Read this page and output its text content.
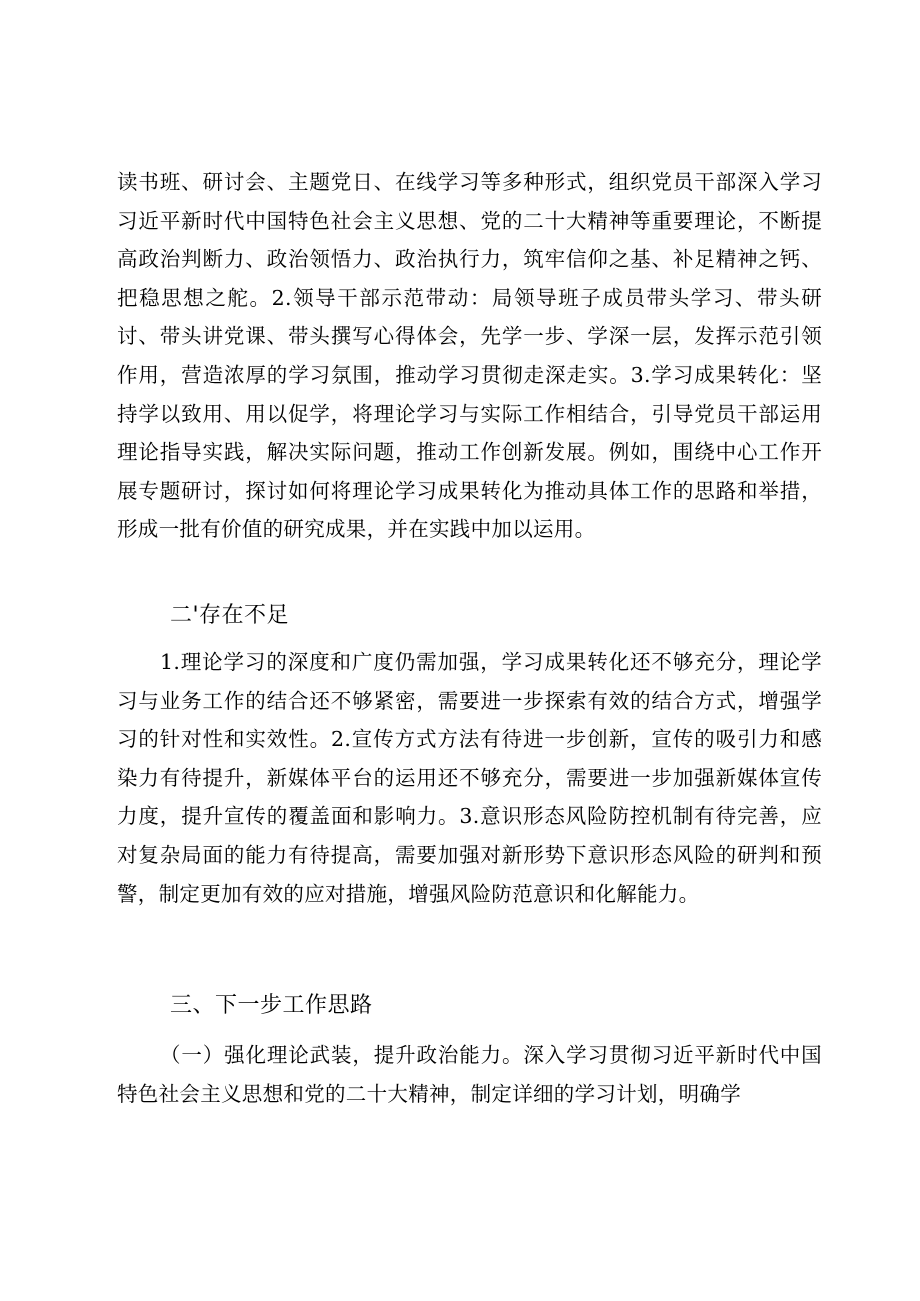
读书班、研讨会、主题党日、在线学习等多种形式，组织党员干部深入学习习近平新时代中国特色社会主义思想、党的二十大精神等重要理论，不断提高政治判断力、政治领悟力、政治执行力，筑牢信仰之基、补足精神之钙、把稳思想之舵。2.领导干部示范带动：局领导班子成员带头学习、带头研讨、带头讲党课、带头撰写心得体会，先学一步、学深一层，发挥示范引领作用，营造浓厚的学习氛围，推动学习贯彻走深走实。3.学习成果转化：坚持学以致用、用以促学，将理论学习与实际工作相结合，引导党员干部运用理论指导实践，解决实际问题，推动工作创新发展。例如，围绕中心工作开展专题研讨，探讨如何将理论学习成果转化为推动具体工作的思路和举措，形成一批有价值的研究成果，并在实践中加以运用。

二'存在不足

1.理论学习的深度和广度仍需加强，学习成果转化还不够充分，理论学习与业务工作的结合还不够紧密，需要进一步探索有效的结合方式，增强学习的针对性和实效性。2.宣传方式方法有待进一步创新，宣传的吸引力和感染力有待提升，新媒体平台的运用还不够充分，需要进一步加强新媒体宣传力度，提升宣传的覆盖面和影响力。3.意识形态风险防控机制有待完善，应对复杂局面的能力有待提高，需要加强对新形势下意识形态风险的研判和预警，制定更加有效的应对措施，增强风险防范意识和化解能力。

三、下一步工作思路

（一）强化理论武装，提升政治能力。深入学习贯彻习近平新时代中国特色社会主义思想和党的二十大精神，制定详细的学习计划，明确学
